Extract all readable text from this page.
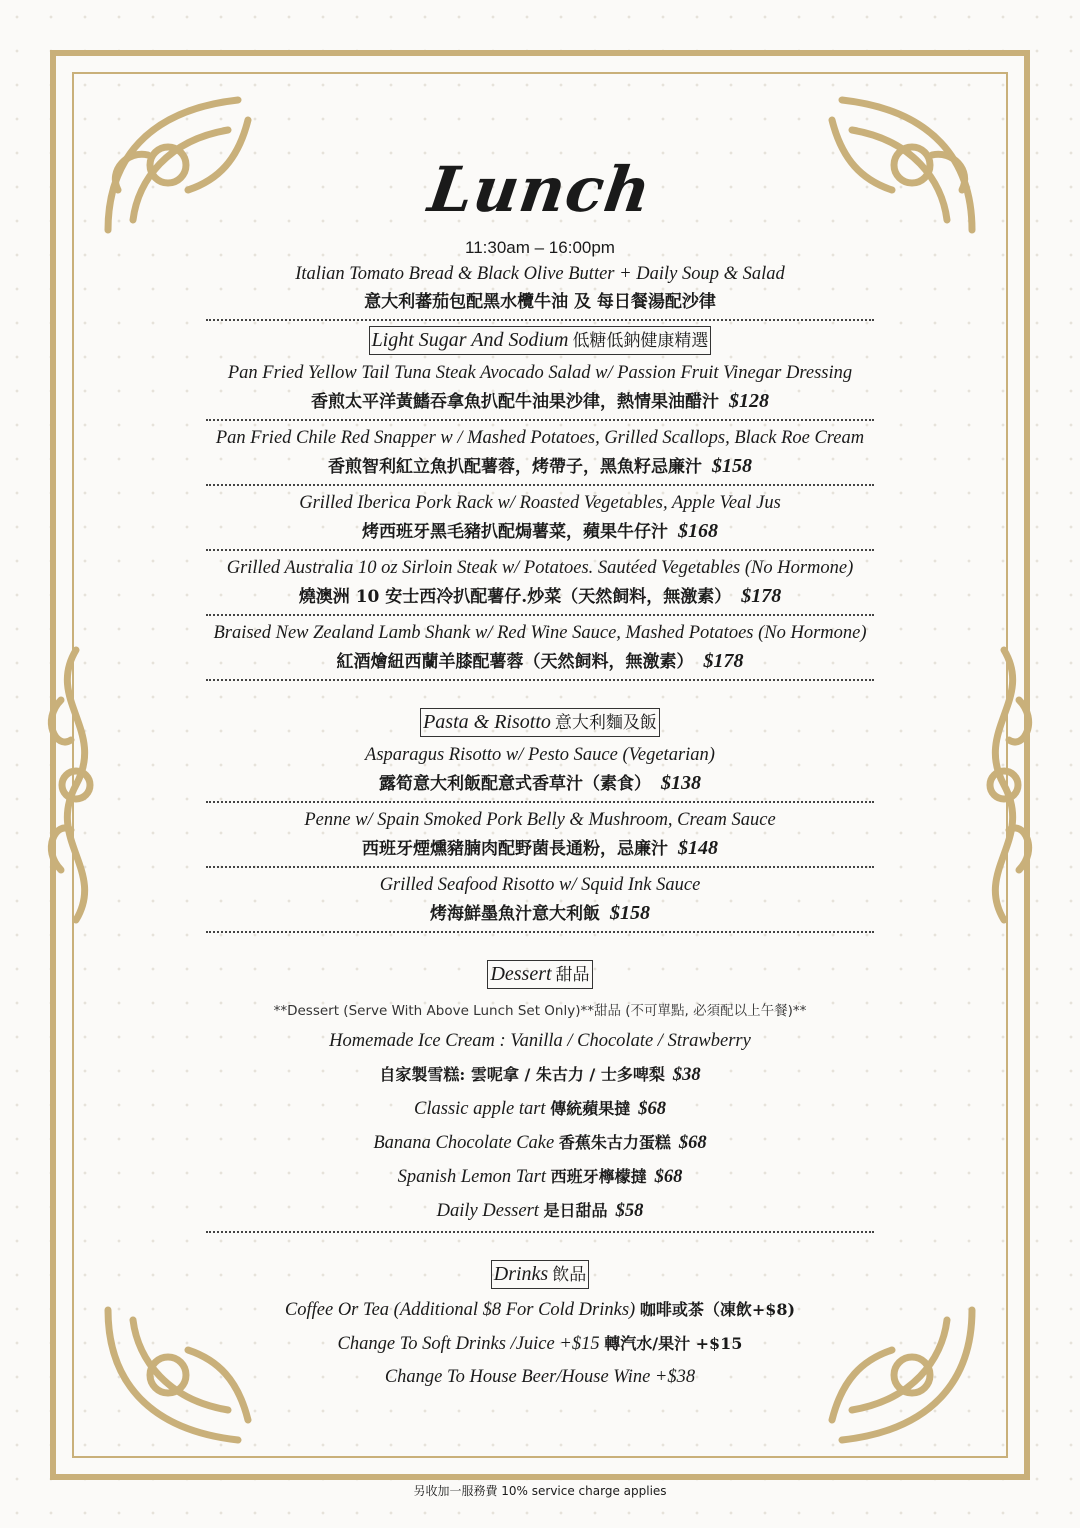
Lunch
11:30am – 16:00pm
Italian Tomato Bread & Black Olive Butter + Daily Soup & Salad
意大利蕃茄包配黑水欖牛油 及 每日餐湯配沙律
Light Sugar And Sodium 低糖低鈉健康精選
Pan Fried Yellow Tail Tuna Steak Avocado Salad w/ Passion Fruit Vinegar Dressing
香煎太平洋黃鰭吞拿魚扒配牛油果沙律，熱情果油醋汁 $128
Pan Fried Chile Red Snapper w / Mashed Potatoes, Grilled Scallops, Black Roe Cream
香煎智利紅立魚扒配薯蓉，烤帶子，黑魚籽忌廉汁 $158
Grilled Iberica Pork Rack w/ Roasted Vegetables, Apple Veal Jus
烤西班牙黑毛豬扒配焗薯菜，蘋果牛仔汁 $168
Grilled Australia 10 oz Sirloin Steak w/ Potatoes. Sautéed Vegetables (No Hormone)
燒澳洲 10 安士西冷扒配薯仔.炒菜（天然飼料，無激素） $178
Braised New Zealand Lamb Shank w/ Red Wine Sauce, Mashed Potatoes (No Hormone)
紅酒燴紐西蘭羊膝配薯蓉（天然飼料，無激素） $178
Pasta & Risotto 意大利麵及飯
Asparagus Risotto w/ Pesto Sauce (Vegetarian)
露筍意大利飯配意式香草汁（素食） $138
Penne w/ Spain Smoked Pork Belly & Mushroom, Cream Sauce
西班牙煙燻豬腩肉配野菌長通粉，忌廉汁 $148
Grilled Seafood Risotto w/ Squid Ink Sauce
烤海鮮墨魚汁意大利飯 $158
Dessert 甜品
**Dessert (Serve With Above Lunch Set Only)**甜品 (不可單點, 必須配以上午餐)**
Homemade Ice Cream : Vanilla / Chocolate / Strawberry
自家製雪糕: 雲呢拿 / 朱古力 / 士多啤梨 $38
Classic apple tart 傳統蘋果撻 $68
Banana Chocolate Cake 香蕉朱古力蛋糕 $68
Spanish Lemon Tart 西班牙檸檬撻 $68
Daily Dessert 是日甜品 $58
Drinks 飲品
Coffee Or Tea (Additional $8 For Cold Drinks) 咖啡或茶（凍飲+$8)
Change To Soft Drinks /Juice +$15 轉汽水/果汁 +$15
Change To House Beer/House Wine +$38
另收加一服務費 10% service charge applies
